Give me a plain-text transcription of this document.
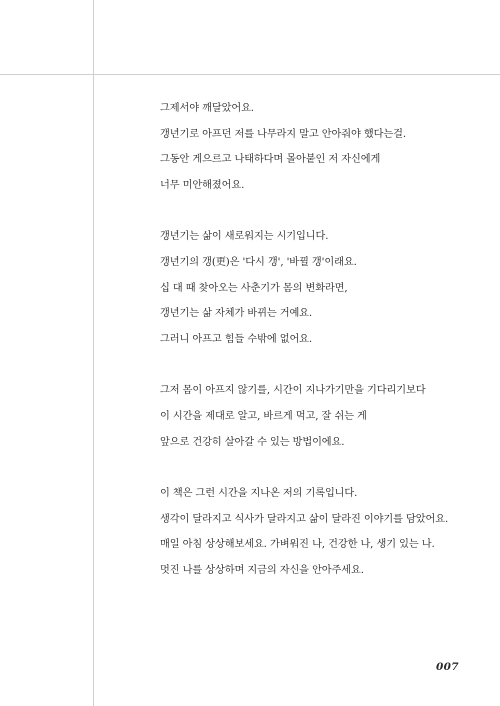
그제서야 깨달았어요.
갱년기로 아프던 저를 나무라지 말고 안아줘야 했다는걸.
그동안 게으르고 나태하다며 몰아붙인 저 자신에게
너무 미안해졌어요.
갱년기는 삶이 새로워지는 시기입니다.
갱년기의 갱(更)은 '다시 갱', '바뀔 갱'이래요.
십 대 때 찾아오는 사춘기가 몸의 변화라면,
갱년기는 삶 자체가 바뀌는 거예요.
그러니 아프고 힘들 수밖에 없어요.
그저 몸이 아프지 않기를, 시간이 지나가기만을 기다리기보다
이 시간을 제대로 알고, 바르게 먹고, 잘 쉬는 게
앞으로 건강히 살아갈 수 있는 방법이에요.
이 책은 그런 시간을 지나온 저의 기록입니다.
생각이 달라지고 식사가 달라지고 삶이 달라진 이야기를 담았어요.
매일 아침 상상해보세요. 가벼워진 나, 건강한 나, 생기 있는 나.
멋진 나를 상상하며 지금의 자신을 안아주세요.
007
